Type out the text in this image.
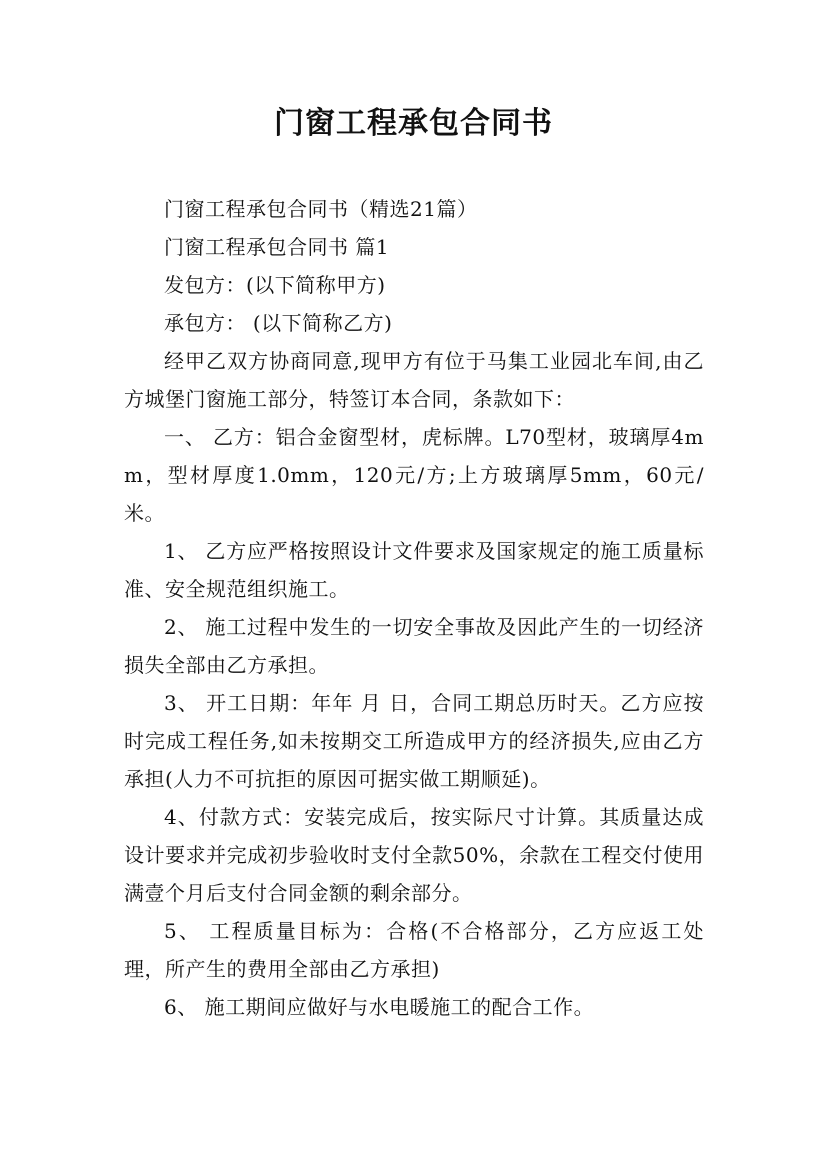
门窗工程承包合同书

门窗工程承包合同书（精选21篇）

门窗工程承包合同书 篇1

发包方：(以下简称甲方)

承包方： (以下简称乙方)

经甲乙双方协商同意,现甲方有位于马集工业园北车间,由乙方城堡门窗施工部分，特签订本合同，条款如下：

一、 乙方：铝合金窗型材，虎标牌。L70型材，玻璃厚4mm，型材厚度1.0mm，120元/方;上方玻璃厚5mm，60元/米。

1、 乙方应严格按照设计文件要求及国家规定的施工质量标准、安全规范组织施工。

2、 施工过程中发生的一切安全事故及因此产生的一切经济损失全部由乙方承担。

3、 开工日期：年年 月 日，合同工期总历时天。乙方应按时完成工程任务,如未按期交工所造成甲方的经济损失,应由乙方承担(人力不可抗拒的原因可据实做工期顺延)。

4、付款方式：安装完成后，按实际尺寸计算。其质量达成设计要求并完成初步验收时支付全款50%，余款在工程交付使用满壹个月后支付合同金额的剩余部分。

5、 工程质量目标为：合格(不合格部分，乙方应返工处理，所产生的费用全部由乙方承担)

6、 施工期间应做好与水电暖施工的配合工作。
